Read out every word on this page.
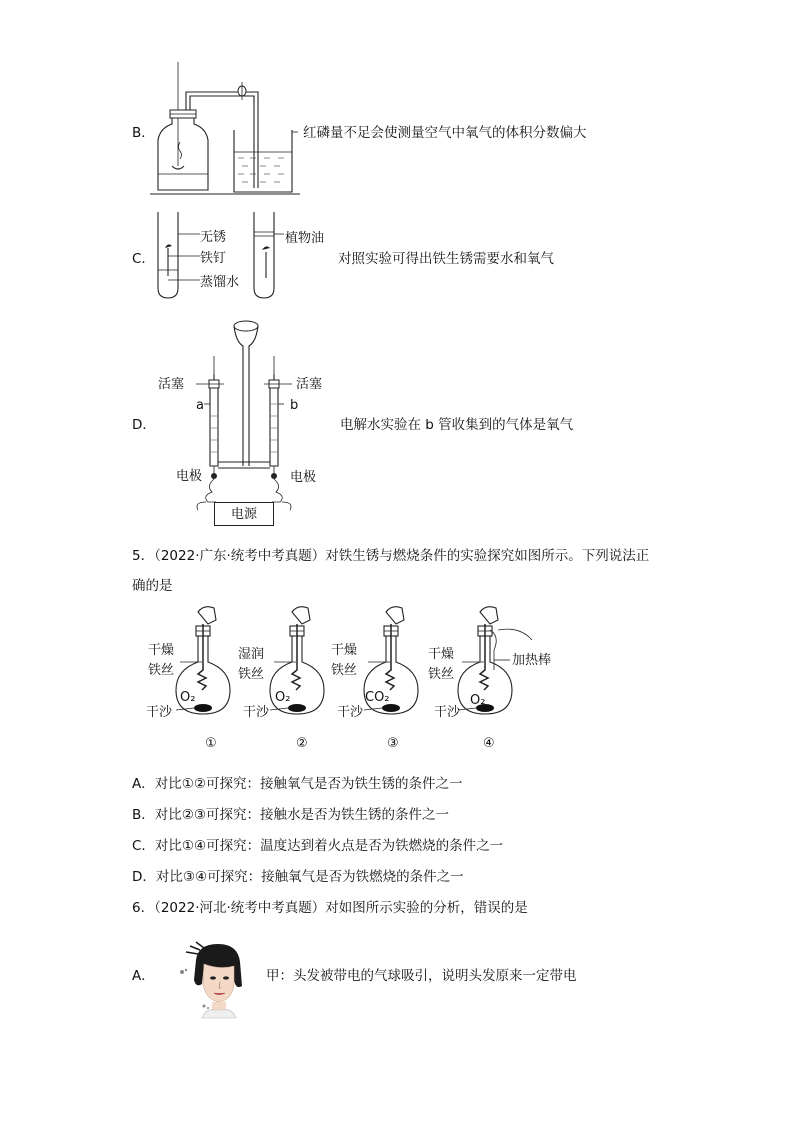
B．	红磷量不足会使测量空气中氧气的体积分数偏大
C．
无锈
铁钉
蒸馏水
植物油
对照实验可得出铁生锈需要水和氧气
D．
活塞	活塞
a	b
电极	电极
电源
电解水实验在 b 管收集到的气体是氧气
5．（2022·广东·统考中考真题）对铁生锈与燃烧条件的实验探究如图所示。下列说法正
确的是
干燥
铁丝
O₂
干沙
①
湿润
铁丝
O₂
干沙
②
干燥
铁丝
CO₂
干沙
③
干燥
铁丝
O₂
干沙
加热棒
④
A．对比①②可探究：接触氧气是否为铁生锈的条件之一
B．对比②③可探究：接触水是否为铁生锈的条件之一
C．对比①④可探究：温度达到着火点是否为铁燃烧的条件之一
D．对比③④可探究：接触氧气是否为铁燃烧的条件之一
6．（2022·河北·统考中考真题）对如图所示实验的分析，错误的是
A．	甲：头发被带电的气球吸引，说明头发原来一定带电
